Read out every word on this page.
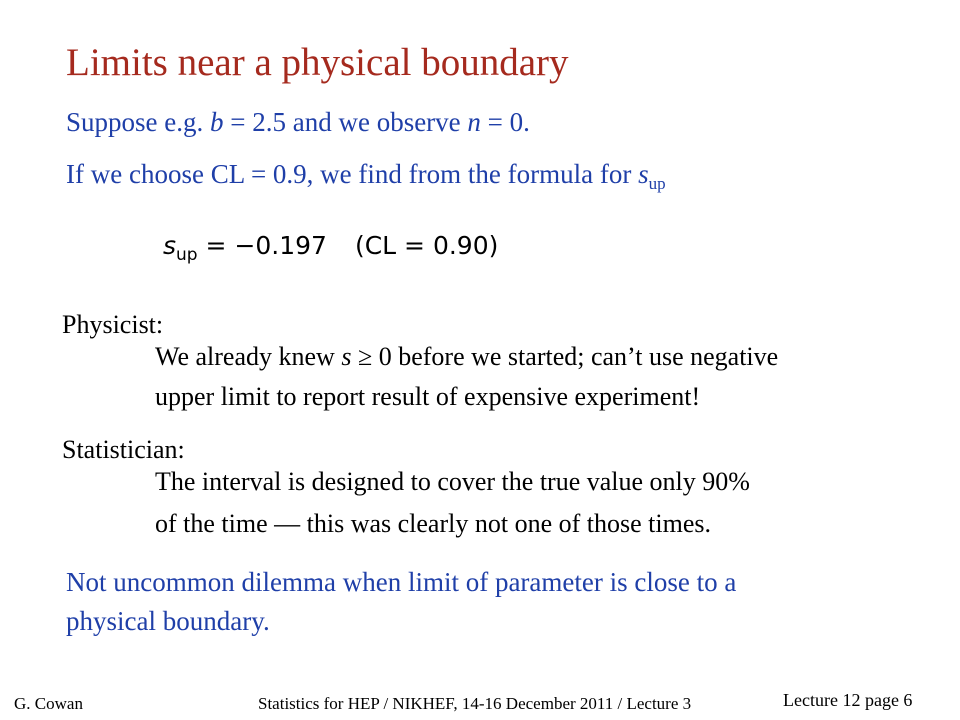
Limits near a physical boundary
Suppose e.g. b = 2.5 and we observe n = 0.
If we choose CL = 0.9, we find from the formula for $s_{up}$
$s_{up} = -0.197$ (CL = 0.90)
Physicist:
We already knew s ≥ 0 before we started; can’t use negative
upper limit to report result of expensive experiment!
Statistician:
The interval is designed to cover the true value only 90%
of the time — this was clearly not one of those times.
Not uncommon dilemma when limit of parameter is close to a
physical boundary.
G. Cowan	Statistics for HEP / NIKHEF, 14-16 December 2011 / Lecture 3	Lecture 12 page 6
